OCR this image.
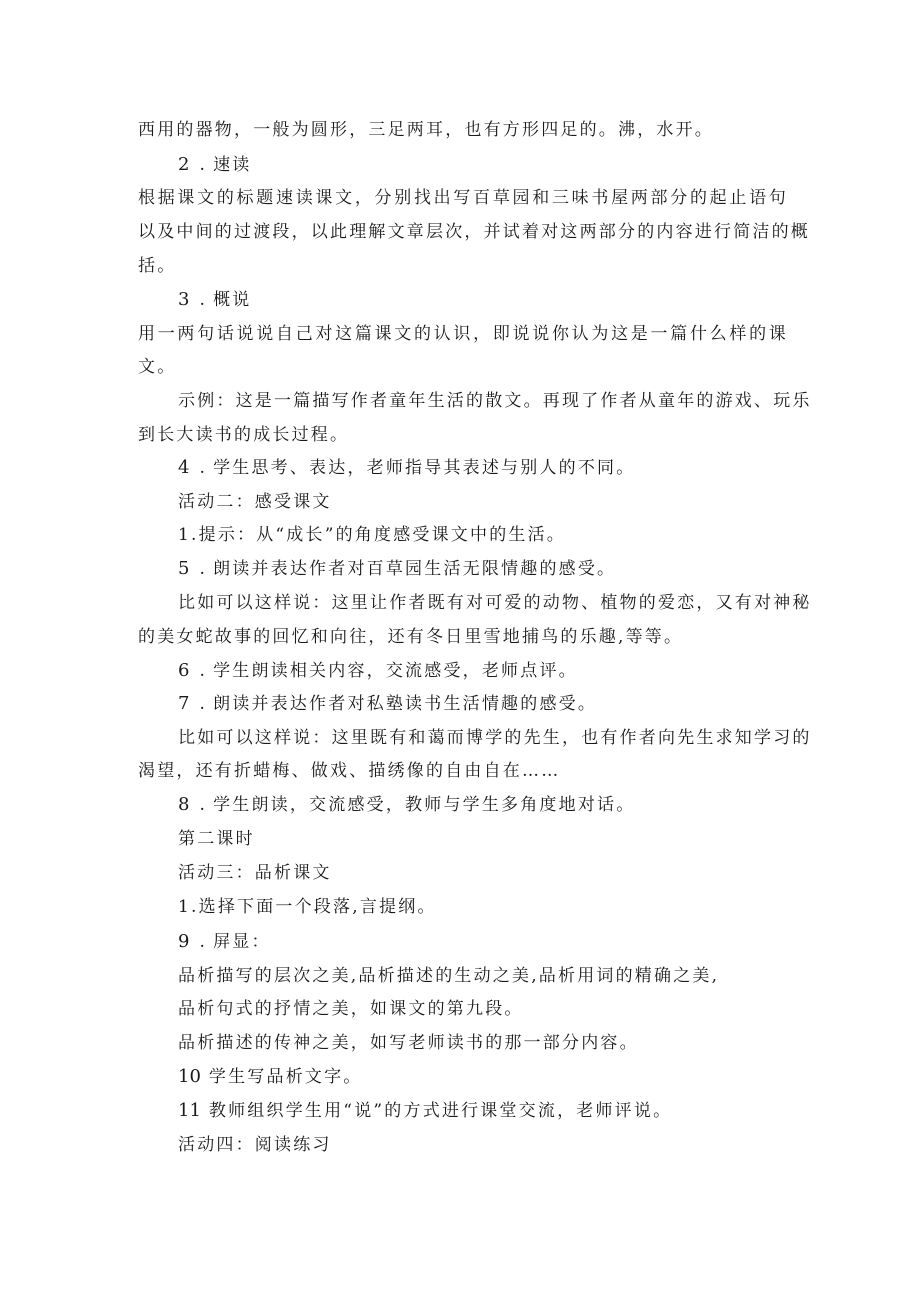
西用的器物，一般为圆形，三足两耳，也有方形四足的。沸，水开。
2 . 速读
根据课文的标题速读课文，分别找出写百草园和三味书屋两部分的起止语句
以及中间的过渡段，以此理解文章层次，并试着对这两部分的内容进行简洁的概
括。
3 . 概说
用一两句话说说自己对这篇课文的认识，即说说你认为这是一篇什么样的课
文。
示例：这是一篇描写作者童年生活的散文。再现了作者从童年的游戏、玩乐
到长大读书的成长过程。
4 . 学生思考、表达，老师指导其表述与别人的不同。
活动二：感受课文
1.提示：从“成长”的角度感受课文中的生活。
5 . 朗读并表达作者对百草园生活无限情趣的感受。
比如可以这样说：这里让作者既有对可爱的动物、植物的爱恋，又有对神秘
的美女蛇故事的回忆和向往，还有冬日里雪地捕鸟的乐趣,等等。
6 . 学生朗读相关内容，交流感受，老师点评。
7 . 朗读并表达作者对私塾读书生活情趣的感受。
比如可以这样说：这里既有和蔼而博学的先生，也有作者向先生求知学习的
渴望，还有折蜡梅、做戏、描绣像的自由自在……
8 . 学生朗读，交流感受，教师与学生多角度地对话。
第二课时
活动三：品析课文
1.选择下面一个段落,言提纲。
9 . 屏显：
品析描写的层次之美,品析描述的生动之美,品析用词的精确之美,
品析句式的抒情之美，如课文的第九段。
品析描述的传神之美，如写老师读书的那一部分内容。
10 学生写品析文字。
11 教师组织学生用“说”的方式进行课堂交流，老师评说。
活动四：阅读练习
